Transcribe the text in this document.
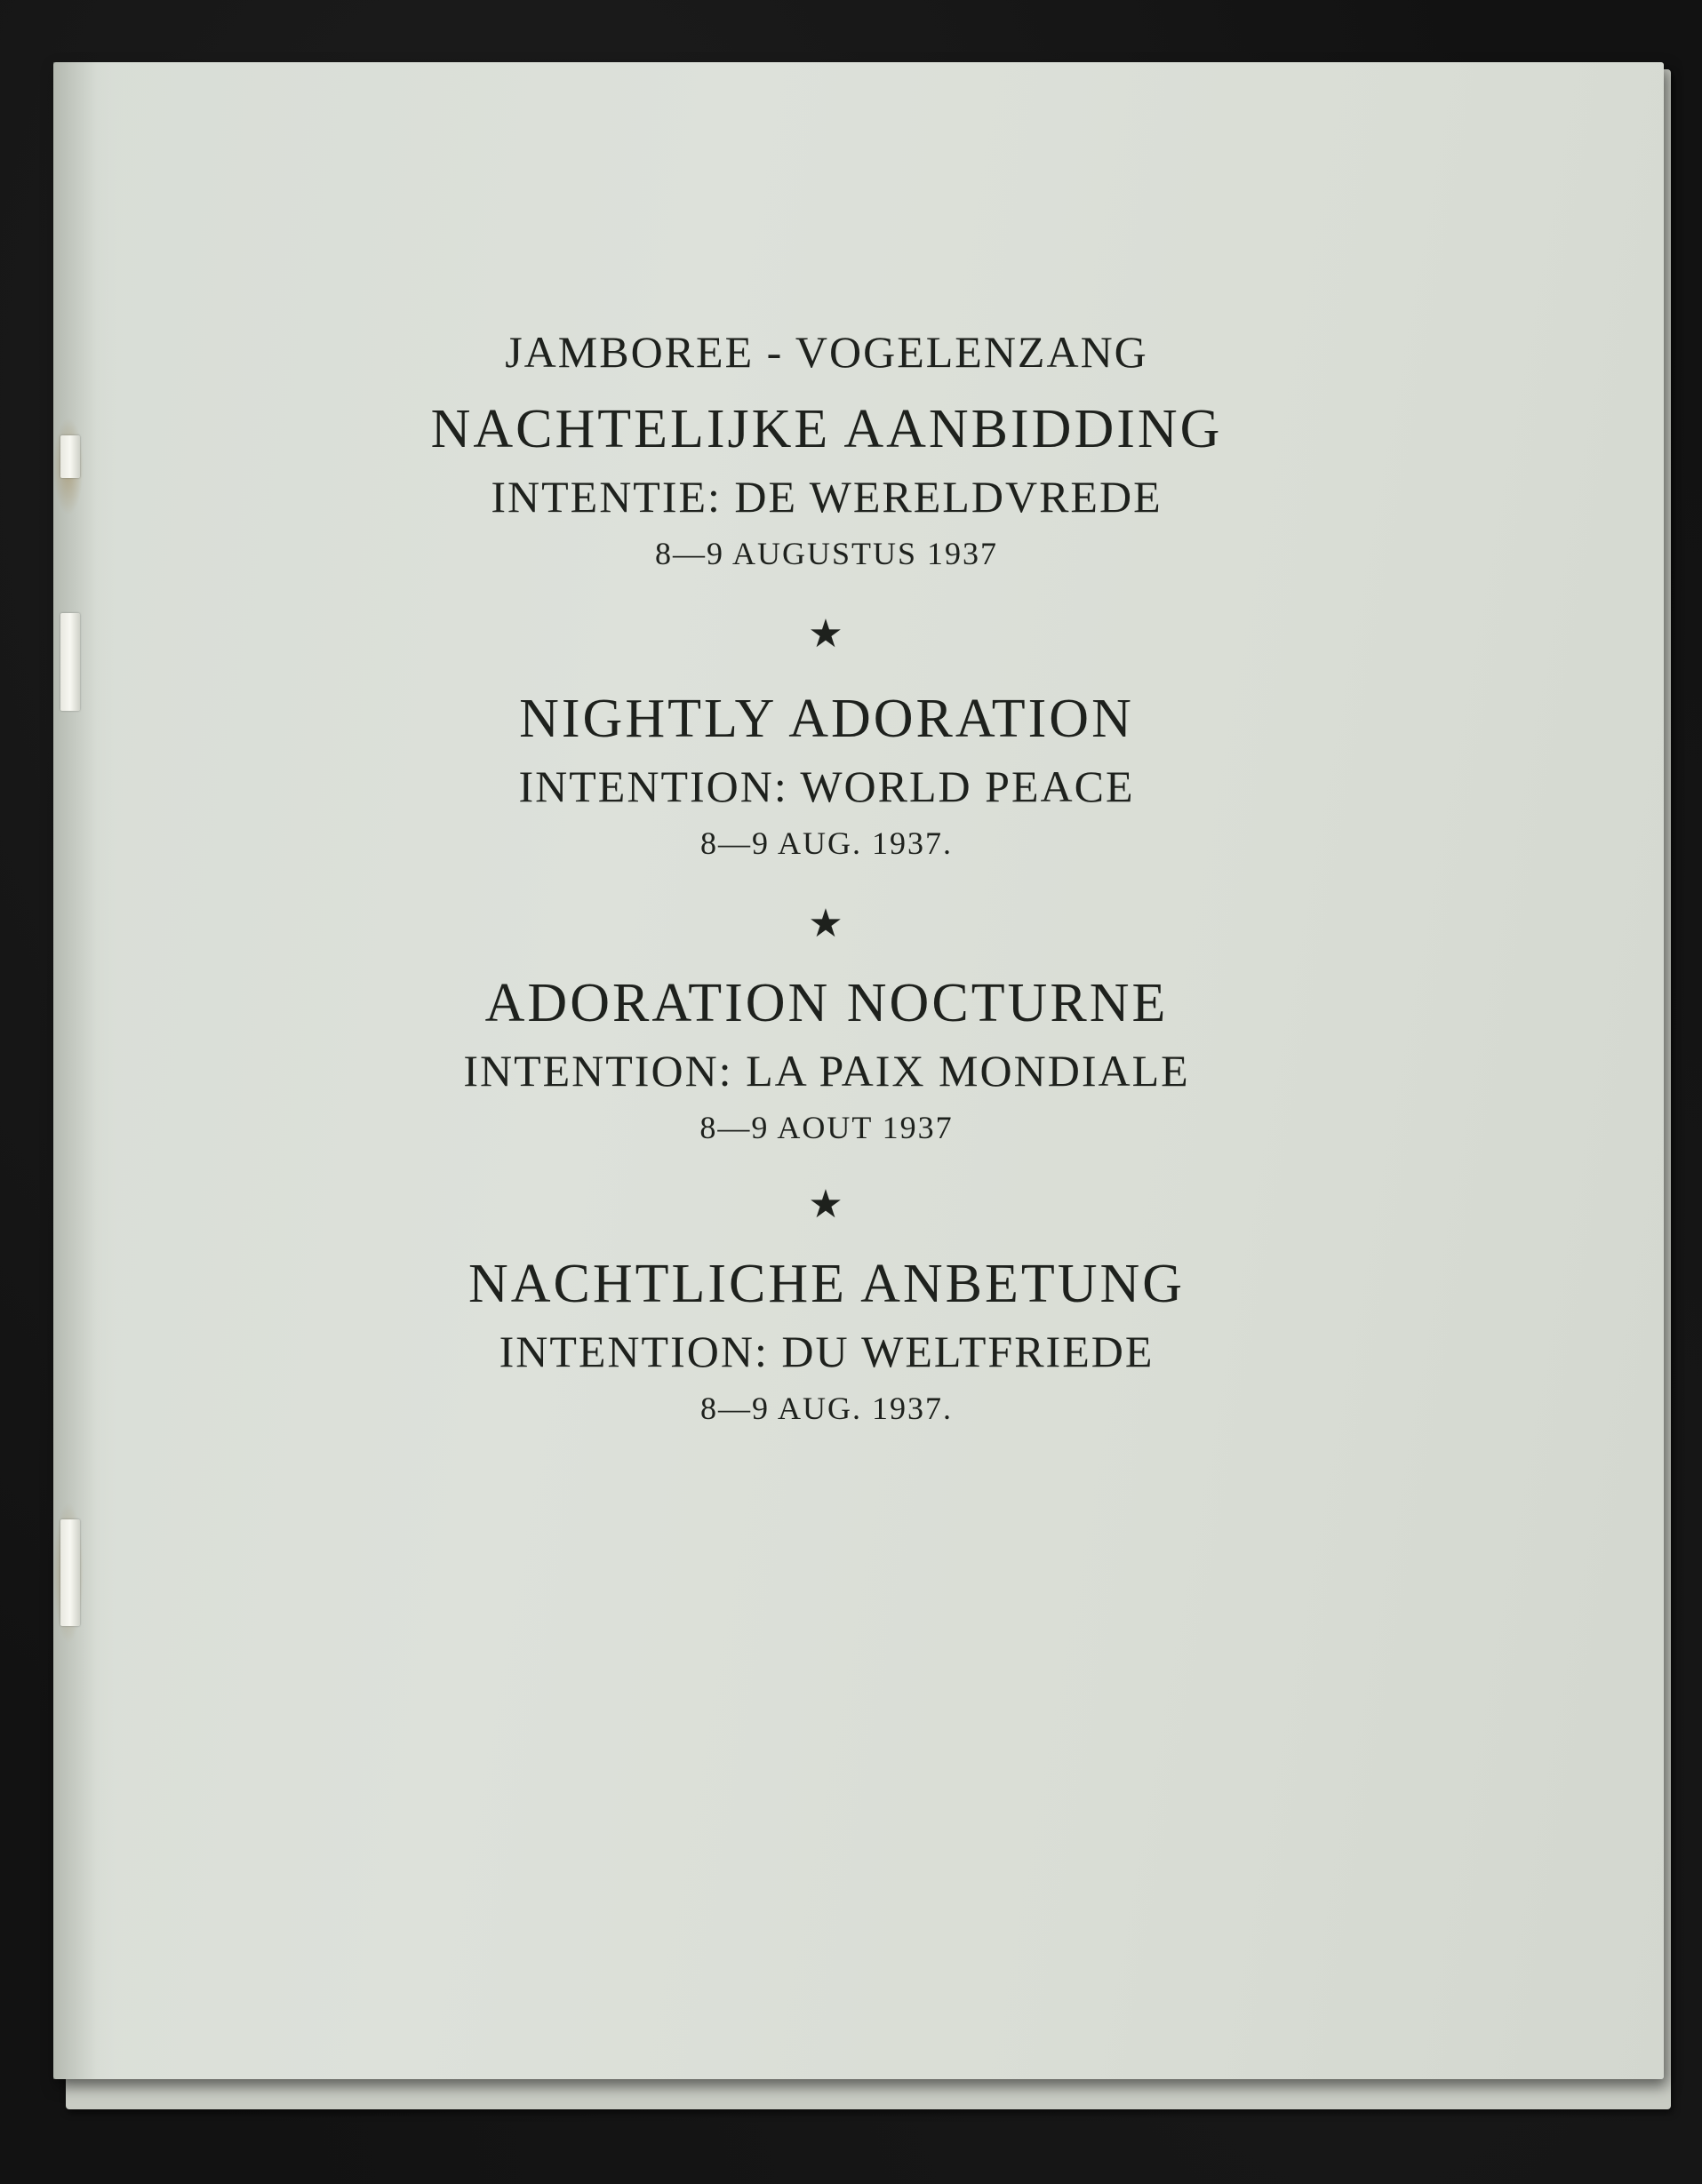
JAMBOREE - VOGELENZANG
NACHTELIJKE AANBIDDING
INTENTIE: DE WERELDVREDE
8—9 AUGUSTUS 1937
★
NIGHTLY ADORATION
INTENTION: WORLD PEACE
8—9 AUG. 1937.
★
ADORATION NOCTURNE
INTENTION: LA PAIX MONDIALE
8—9 AOUT 1937
★
NACHTLICHE ANBETUNG
INTENTION: DU WELTFRIEDE
8—9 AUG. 1937.
